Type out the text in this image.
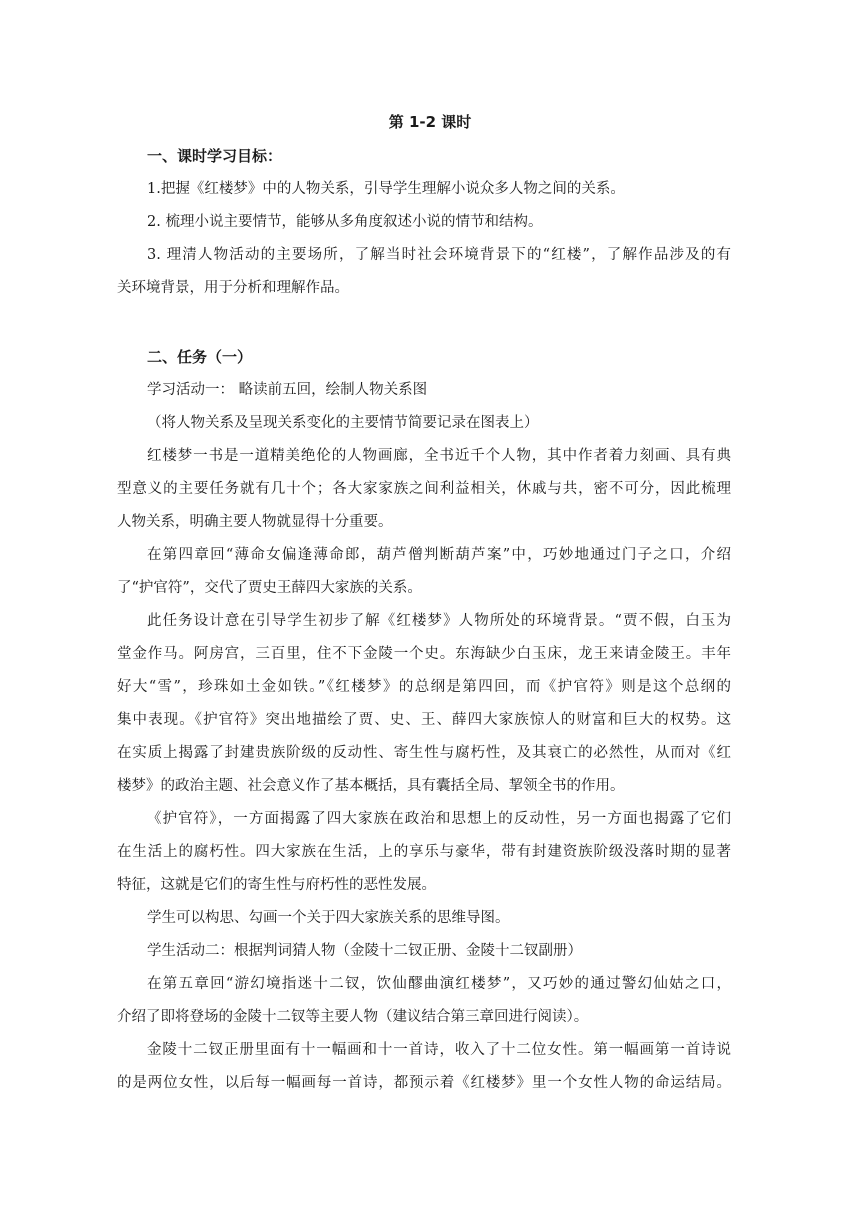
第 1-2 课时
一、课时学习目标：
1.把握《红楼梦》中的人物关系，引导学生理解小说众多人物之间的关系。
2. 梳理小说主要情节，能够从多角度叙述小说的情节和结构。
3. 理清人物活动的主要场所，了解当时社会环境背景下的“红楼”，了解作品涉及的有
关环境背景，用于分析和理解作品。
二、任务（一）
学习活动一： 略读前五回，绘制人物关系图
（将人物关系及呈现关系变化的主要情节简要记录在图表上）
红楼梦一书是一道精美绝伦的人物画廊，全书近千个人物，其中作者着力刻画、具有典
型意义的主要任务就有几十个；各大家家族之间利益相关，休戚与共，密不可分，因此梳理
人物关系，明确主要人物就显得十分重要。
在第四章回“薄命女偏逢薄命郎，葫芦僧判断葫芦案”中，巧妙地通过门子之口，介绍
了“护官符”，交代了贾史王薛四大家族的关系。
此任务设计意在引导学生初步了解《红楼梦》人物所处的环境背景。“贾不假，白玉为
堂金作马。阿房宫，三百里，住不下金陵一个史。东海缺少白玉床，龙王来请金陵王。丰年
好大“雪”，珍珠如土金如铁。”《红楼梦》的总纲是第四回，而《护官符》则是这个总纲的
集中表现。《护官符》突出地描绘了贾、史、王、薛四大家族惊人的财富和巨大的权势。这
在实质上揭露了封建贵族阶级的反动性、寄生性与腐朽性，及其衰亡的必然性，从而对《红
楼梦》的政治主题、社会意义作了基本概括，具有囊括全局、挈领全书的作用。
《护官符》，一方面揭露了四大家族在政治和思想上的反动性，另一方面也揭露了它们
在生活上的腐朽性。四大家族在生活，上的享乐与豪华，带有封建资族阶级没落时期的显著
特征，这就是它们的寄生性与府朽性的恶性发展。
学生可以构思、勾画一个关于四大家族关系的思维导图。
学生活动二：根据判词猜人物（金陵十二钗正册、金陵十二钗副册）
在第五章回“游幻境指迷十二钗，饮仙醪曲演红楼梦”，又巧妙的通过警幻仙姑之口，
介绍了即将登场的金陵十二钗等主要人物（建议结合第三章回进行阅读）。
金陵十二钗正册里面有十一幅画和十一首诗，收入了十二位女性。第一幅画第一首诗说
的是两位女性，以后每一幅画每一首诗，都预示着《红楼梦》里一个女性人物的命运结局。
